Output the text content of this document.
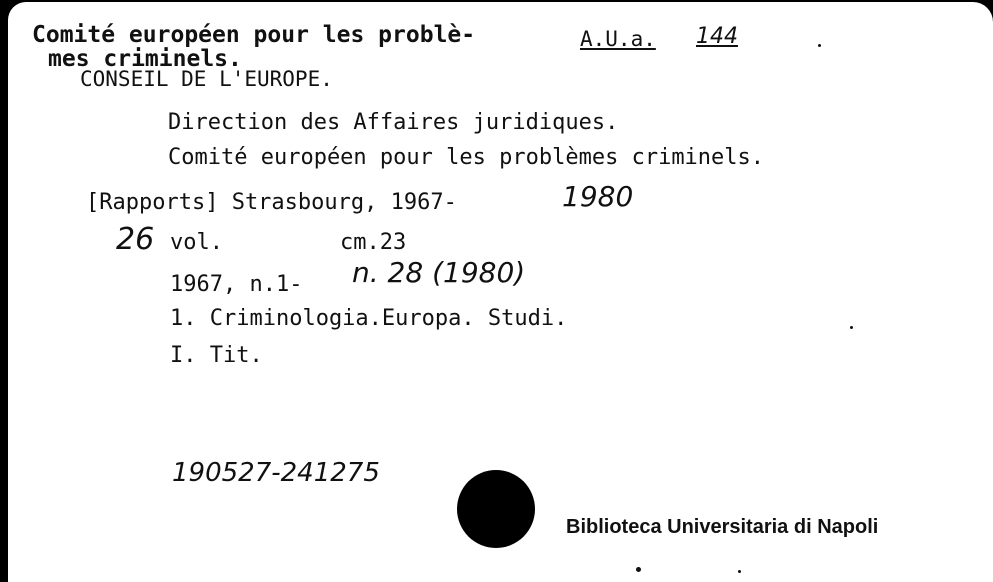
Comité européen pour les problè-
mes criminels.
A.U.a. 144
CONSEIL DE L'EUROPE.
Direction des Affaires juridiques.
Comité européen pour les problèmes criminels.
[Rapports] Strasbourg, 1967-	1980
26 vol.	cm.23
1967, n.1- n. 28 (1980)
1. Criminologia.Europa. Studi.
I. Tit.
190527-241275
Biblioteca Universitaria di Napoli
